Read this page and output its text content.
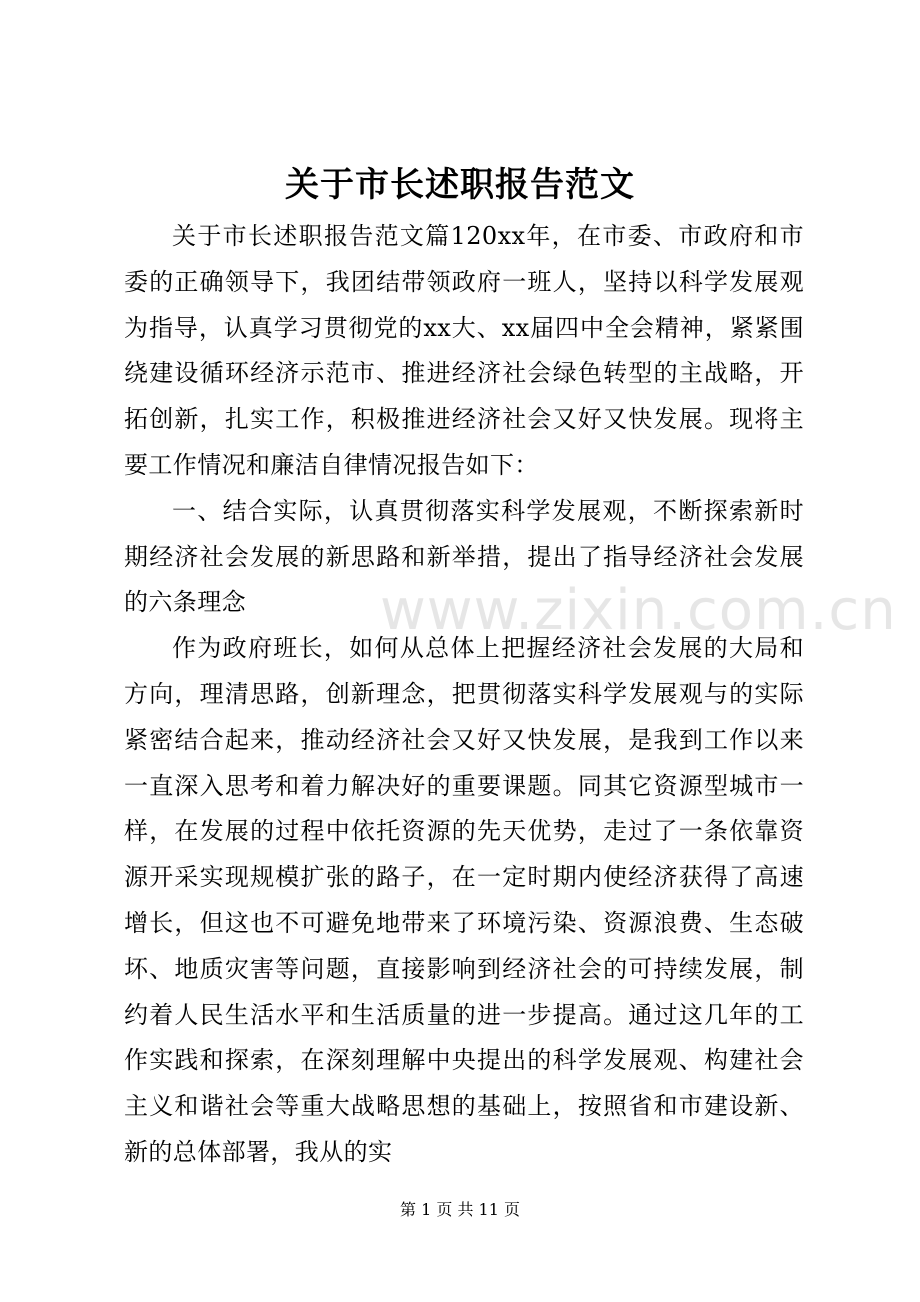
关于市长述职报告范文

关于市长述职报告范文篇120xx年，在市委、市政府和市委的正确领导下，我团结带领政府一班人，坚持以科学发展观为指导，认真学习贯彻党的xx大、xx届四中全会精神，紧紧围绕建设循环经济示范市、推进经济社会绿色转型的主战略，开拓创新，扎实工作，积极推进经济社会又好又快发展。现将主要工作情况和廉洁自律情况报告如下：

一、结合实际，认真贯彻落实科学发展观，不断探索新时期经济社会发展的新思路和新举措，提出了指导经济社会发展的六条理念

作为政府班长，如何从总体上把握经济社会发展的大局和方向，理清思路，创新理念，把贯彻落实科学发展观与的实际紧密结合起来，推动经济社会又好又快发展，是我到工作以来一直深入思考和着力解决好的重要课题。同其它资源型城市一样，在发展的过程中依托资源的先天优势，走过了一条依靠资源开采实现规模扩张的路子，在一定时期内使经济获得了高速增长，但这也不可避免地带来了环境污染、资源浪费、生态破坏、地质灾害等问题，直接影响到经济社会的可持续发展，制约着人民生活水平和生活质量的进一步提高。通过这几年的工作实践和探索，在深刻理解中央提出的科学发展观、构建社会主义和谐社会等重大战略思想的基础上，按照省和市建设新、新的总体部署，我从的实

www.zixin.com.cn
第 1 页 共 11 页
